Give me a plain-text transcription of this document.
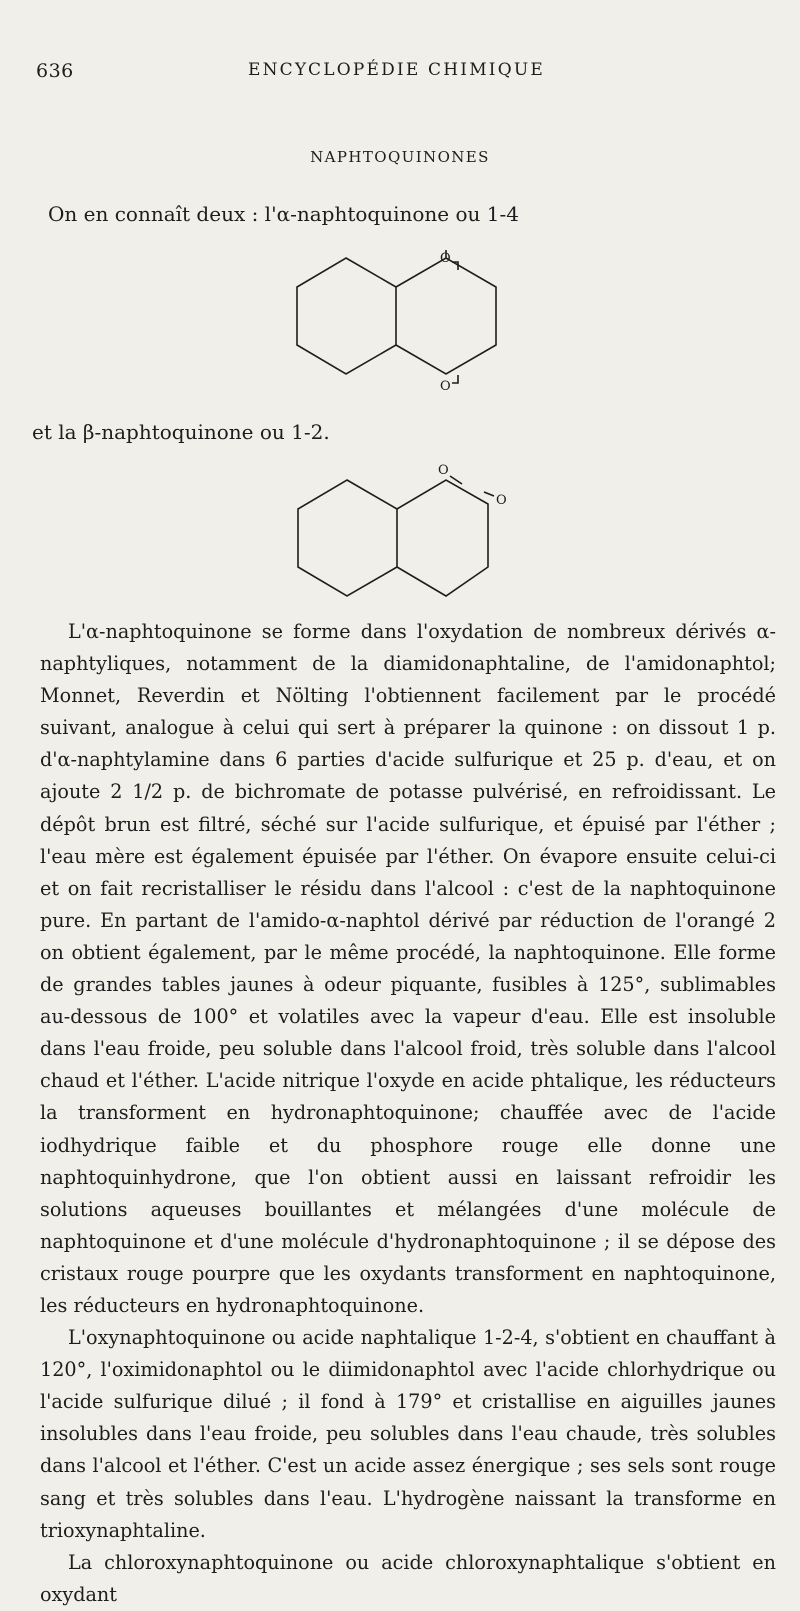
636	ENCYCLOPÉDIE CHIMIQUE
NAPHTOQUINONES
On en connaît deux : l'α-naphtoquinone ou 1-4
O
O
et la β-naphtoquinone ou 1-2.
O
O

L'α-naphtoquinone se forme dans l'oxydation de nombreux dérivés α-naphtyliques, notamment de la diamidonaphtaline, de l'amidonaphtol; Monnet, Reverdin et Nölting l'obtiennent facilement par le procédé suivant, analogue à celui qui sert à préparer la quinone : on dissout 1 p. d'α-naphtylamine dans 6 parties d'acide sulfurique et 25 p. d'eau, et on ajoute 2 1/2 p. de bichromate de potasse pulvérisé, en refroidissant. Le dépôt brun est filtré, séché sur l'acide sulfurique, et épuisé par l'éther ; l'eau mère est également épuisée par l'éther. On évapore ensuite celui-ci et on fait recristalliser le résidu dans l'alcool : c'est de la naphtoquinone pure. En partant de l'amido-α-naphtol dérivé par réduction de l'orangé 2 on obtient également, par le même procédé, la naphtoquinone. Elle forme de grandes tables jaunes à odeur piquante, fusibles à 125°, sublimables au-dessous de 100° et volatiles avec la vapeur d'eau. Elle est insoluble dans l'eau froide, peu soluble dans l'alcool froid, très soluble dans l'alcool chaud et l'éther. L'acide nitrique l'oxyde en acide phtalique, les réducteurs la transforment en hydronaphtoquinone; chauffée avec de l'acide iodhydrique faible et du phosphore rouge elle donne une naphtoquinhydrone, que l'on obtient aussi en laissant refroidir les solutions aqueuses bouillantes et mélangées d'une molécule de naphtoquinone et d'une molécule d'hydronaphtoquinone ; il se dépose des cristaux rouge pourpre que les oxydants transforment en naphtoquinone, les réducteurs en hydronaphtoquinone.

L'oxynaphtoquinone ou acide naphtalique 1-2-4, s'obtient en chauffant à 120°, l'oximidonaphtol ou le diimidonaphtol avec l'acide chlorhydrique ou l'acide sulfurique dilué ; il fond à 179° et cristallise en aiguilles jaunes insolubles dans l'eau froide, peu solubles dans l'eau chaude, très solubles dans l'alcool et l'éther. C'est un acide assez énergique ; ses sels sont rouge sang et très solubles dans l'eau. L'hydrogène naissant la transforme en trioxynaphtaline.

La chloroxynaphtoquinone ou acide chloroxynaphtalique s'obtient en oxydant
